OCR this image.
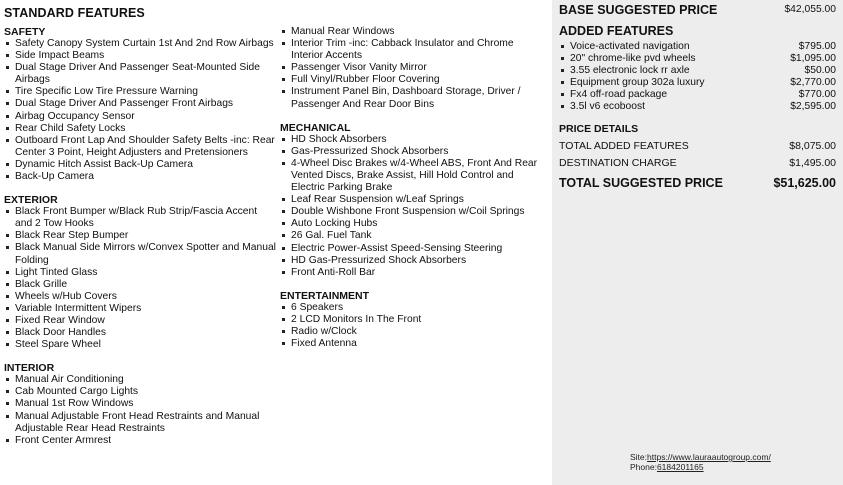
STANDARD FEATURES
SAFETY
Safety Canopy System Curtain 1st And 2nd Row Airbags
Side Impact Beams
Dual Stage Driver And Passenger Seat-Mounted Side Airbags
Tire Specific Low Tire Pressure Warning
Dual Stage Driver And Passenger Front Airbags
Airbag Occupancy Sensor
Rear Child Safety Locks
Outboard Front Lap And Shoulder Safety Belts -inc: Rear Center 3 Point, Height Adjusters and Pretensioners
Dynamic Hitch Assist Back-Up Camera
Back-Up Camera
EXTERIOR
Black Front Bumper w/Black Rub Strip/Fascia Accent and 2 Tow Hooks
Black Rear Step Bumper
Black Manual Side Mirrors w/Convex Spotter and Manual Folding
Light Tinted Glass
Black Grille
Wheels w/Hub Covers
Variable Intermittent Wipers
Fixed Rear Window
Black Door Handles
Steel Spare Wheel
INTERIOR
Manual Air Conditioning
Cab Mounted Cargo Lights
Manual 1st Row Windows
Manual Adjustable Front Head Restraints and Manual Adjustable Rear Head Restraints
Front Center Armrest
Manual Rear Windows
Interior Trim -inc: Cabback Insulator and Chrome Interior Accents
Passenger Visor Vanity Mirror
Full Vinyl/Rubber Floor Covering
Instrument Panel Bin, Dashboard Storage, Driver / Passenger And Rear Door Bins
MECHANICAL
HD Shock Absorbers
Gas-Pressurized Shock Absorbers
4-Wheel Disc Brakes w/4-Wheel ABS, Front And Rear Vented Discs, Brake Assist, Hill Hold Control and Electric Parking Brake
Leaf Rear Suspension w/Leaf Springs
Double Wishbone Front Suspension w/Coil Springs
Auto Locking Hubs
26 Gal. Fuel Tank
Electric Power-Assist Speed-Sensing Steering
HD Gas-Pressurized Shock Absorbers
Front Anti-Roll Bar
ENTERTAINMENT
6 Speakers
2 LCD Monitors In The Front
Radio w/Clock
Fixed Antenna
BASE SUGGESTED PRICE	$42,055.00
ADDED FEATURES
Voice-activated navigation	$795.00
20" chrome-like pvd wheels	$1,095.00
3.55 electronic lock rr axle	$50.00
Equipment group 302a luxury	$2,770.00
Fx4 off-road package	$770.00
3.5l v6 ecoboost	$2,595.00
PRICE DETAILS
TOTAL ADDED FEATURES	$8,075.00
DESTINATION CHARGE	$1,495.00
TOTAL SUGGESTED PRICE	$51,625.00
Site:https://www.lauraautogroup.com/
Phone:6184201165
